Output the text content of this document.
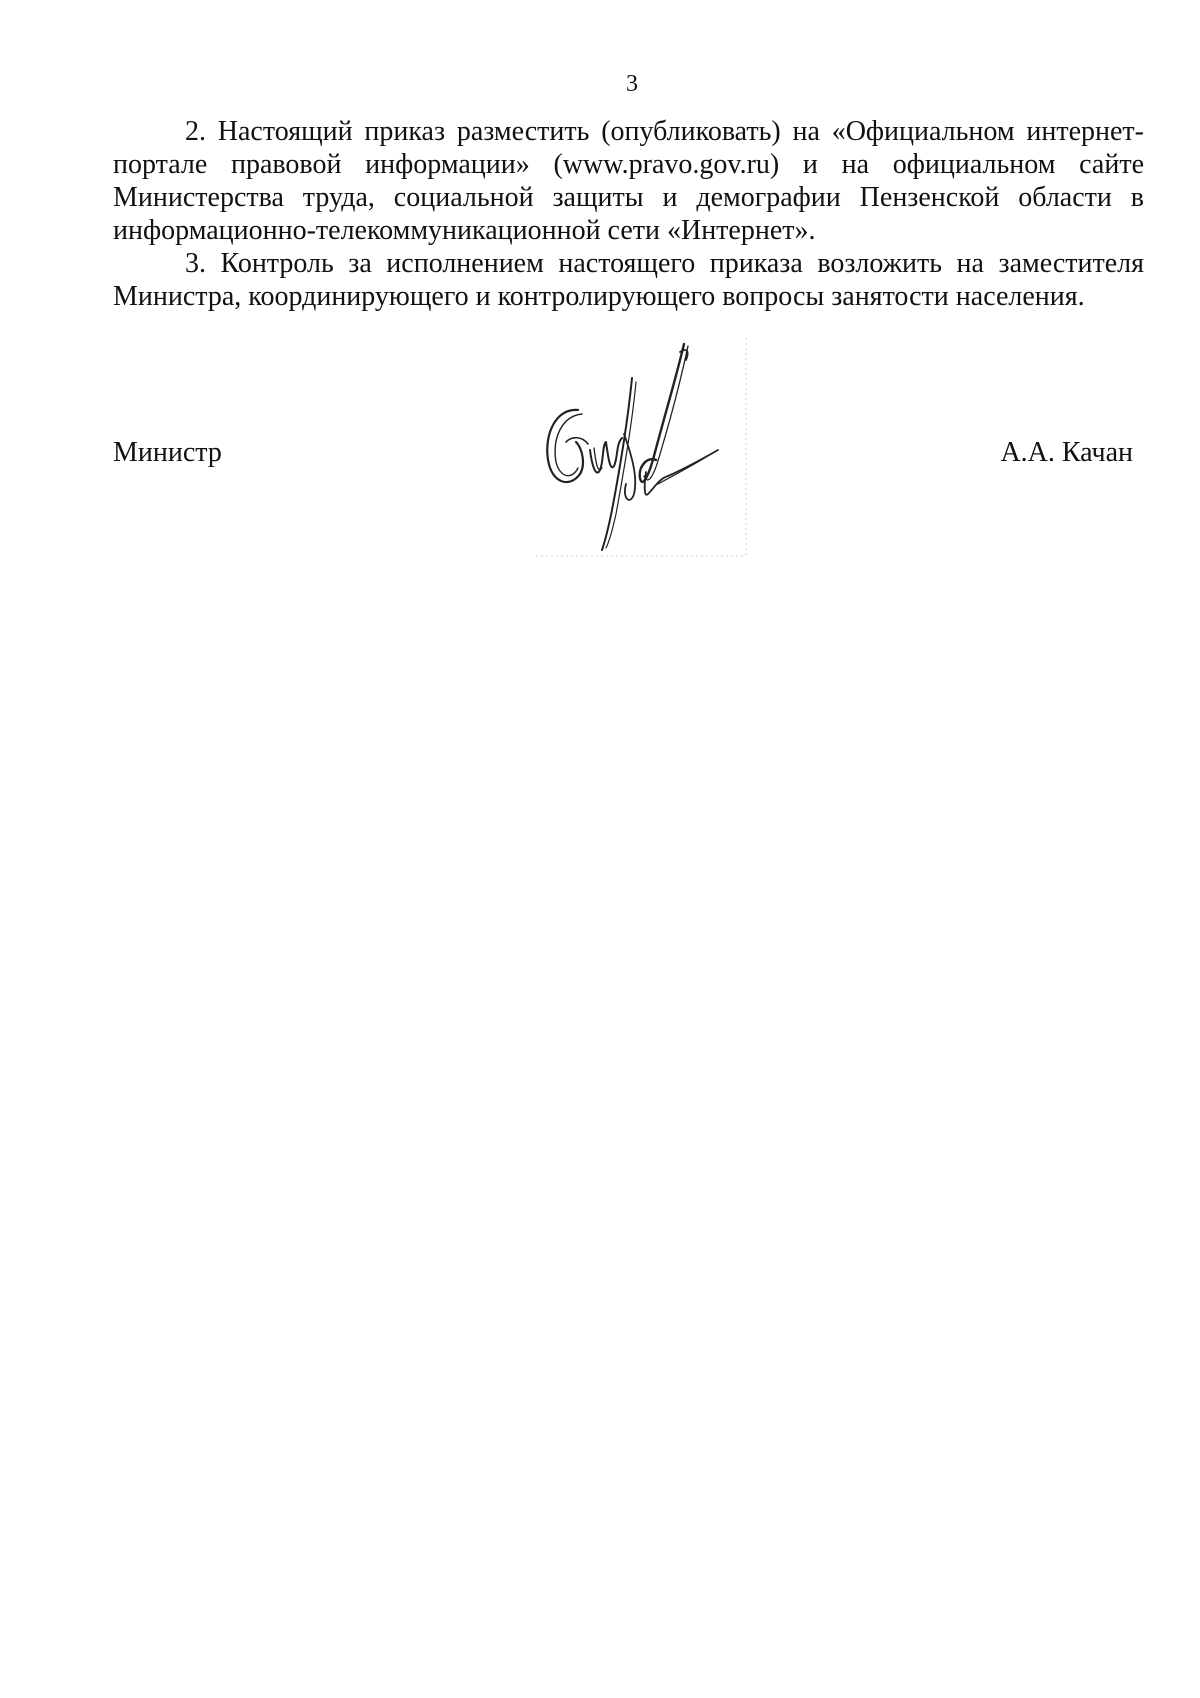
3

2. Настоящий приказ разместить (опубликовать) на «Официальном интернет-портале правовой информации» (www.pravo.gov.ru) и на официальном сайте Министерства труда, социальной защиты и демографии Пензенской области в информационно-телекоммуникационной сети «Интернет».

3. Контроль за исполнением настоящего приказа возложить на заместителя Министра, координирующего и контролирующего вопросы занятости населения.

Министр	А.А. Качан
